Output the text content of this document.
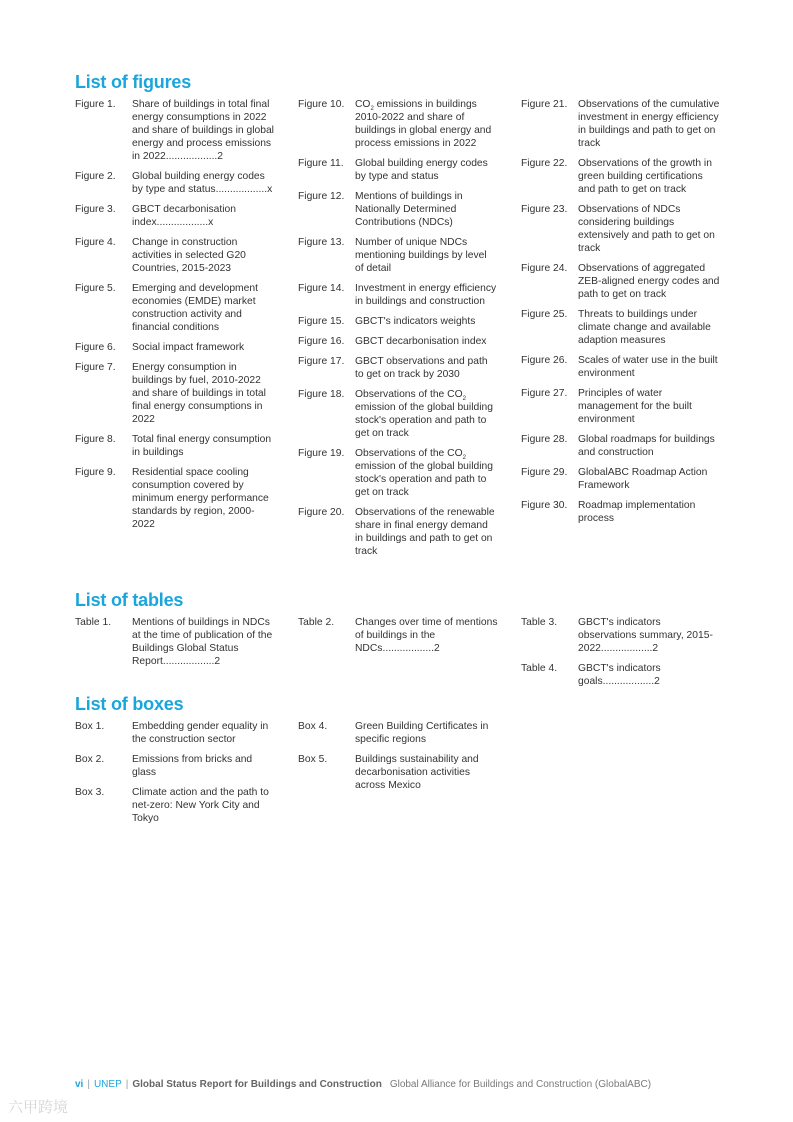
List of figures
Figure 1.	Share of buildings in total final energy consumptions in 2022 and share of buildings in global energy and process emissions in 2022..................2
Figure 2.	Global building energy codes by type and status..................x
Figure 3.	GBCT decarbonisation index..................x
Figure 4.	Change in construction activities in selected G20 Countries, 2015-2023
Figure 5.	Emerging and development economies (EMDE) market construction activity and financial conditions
Figure 6.	Social impact framework
Figure 7.	Energy consumption in buildings by fuel, 2010-2022 and share of buildings in total final energy consumptions in 2022
Figure 8.	Total final energy consumption in buildings
Figure 9.	Residential space cooling consumption covered by minimum energy performance standards by region, 2000-2022
Figure 10.	$CO_2$ emissions in buildings 2010-2022 and share of buildings in global energy and process emissions in 2022
Figure 11.	Global building energy codes by type and status
Figure 12.	Mentions of buildings in Nationally Determined Contributions (NDCs)
Figure 13.	Number of unique NDCs mentioning buildings by level of detail
Figure 14.	Investment in energy efficiency in buildings and construction
Figure 15.	GBCT's indicators weights
Figure 16.	GBCT decarbonisation index
Figure 17.	GBCT observations and path to get on track by 2030
Figure 18.	Observations of the $CO_2$ emission of the global building stock's operation and path to get on track
Figure 19.	Observations of the $CO_2$ emission of the global building stock's operation and path to get on track
Figure 20.	Observations of the renewable share in final energy demand in buildings and path to get on track
Figure 21.	Observations of the cumulative investment in energy efficiency in buildings and path to get on track
Figure 22.	Observations of the growth in green building certifications and path to get on track
Figure 23.	Observations of NDCs considering buildings extensively and path to get on track
Figure 24.	Observations of aggregated ZEB-aligned energy codes and path to get on track
Figure 25.	Threats to buildings under climate change and available adaption measures
Figure 26.	Scales of water use in the built environment
Figure 27.	Principles of water management for the built environment
Figure 28.	Global roadmaps for buildings and construction
Figure 29.	GlobalABC Roadmap Action Framework
Figure 30.	Roadmap implementation process
List of tables
Table 1.	Mentions of buildings in NDCs at the time of publication of the Buildings Global Status Report..................2
Table 2.	Changes over time of mentions of buildings in the NDCs..................2
Table 3.	GBCT's indicators observations summary, 2015-2022..................2
Table 4.	GBCT's indicators goals..................2
List of boxes
Box 1.	Embedding gender equality in the construction sector
Box 2.	Emissions from bricks and glass
Box 3.	Climate action and the path to net-zero: New York City and Tokyo
Box 4.	Green Building Certificates in specific regions
Box 5.	Buildings sustainability and decarbonisation activities across Mexico
vi | UNEP | Global Status Report for Buildings and Construction Global Alliance for Buildings and Construction (GlobalABC)
六甲跨境
